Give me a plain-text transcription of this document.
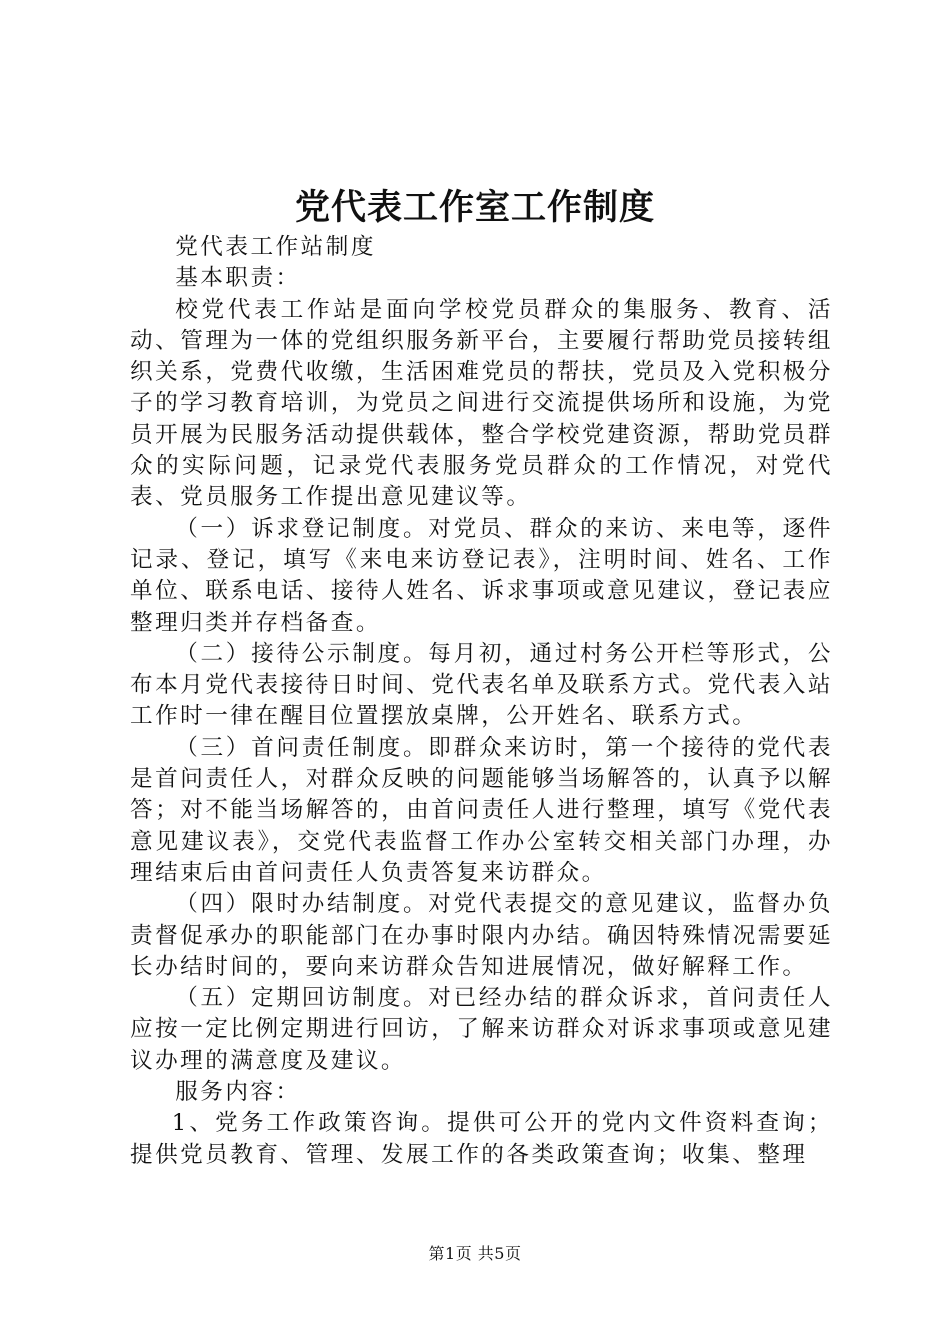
党代表工作室工作制度

党代表工作站制度

基本职责：

校党代表工作站是面向学校党员群众的集服务、教育、活动、管理为一体的党组织服务新平台，主要履行帮助党员接转组织关系，党费代收缴，生活困难党员的帮扶，党员及入党积极分子的学习教育培训，为党员之间进行交流提供场所和设施，为党员开展为民服务活动提供载体，整合学校党建资源，帮助党员群众的实际问题，记录党代表服务党员群众的工作情况，对党代表、党员服务工作提出意见建议等。

（一）诉求登记制度。对党员、群众的来访、来电等，逐件记录、登记，填写《来电来访登记表》，注明时间、姓名、工作单位、联系电话、接待人姓名、诉求事项或意见建议，登记表应整理归类并存档备查。

（二）接待公示制度。每月初，通过村务公开栏等形式，公布本月党代表接待日时间、党代表名单及联系方式。党代表入站工作时一律在醒目位置摆放桌牌，公开姓名、联系方式。

（三）首问责任制度。即群众来访时，第一个接待的党代表是首问责任人，对群众反映的问题能够当场解答的，认真予以解答；对不能当场解答的，由首问责任人进行整理，填写《党代表意见建议表》，交党代表监督工作办公室转交相关部门办理，办理结束后由首问责任人负责答复来访群众。

（四）限时办结制度。对党代表提交的意见建议，监督办负责督促承办的职能部门在办事时限内办结。确因特殊情况需要延长办结时间的，要向来访群众告知进展情况，做好解释工作。

（五）定期回访制度。对已经办结的群众诉求，首问责任人应按一定比例定期进行回访，了解来访群众对诉求事项或意见建议办理的满意度及建议。

服务内容：

1、党务工作政策咨询。提供可公开的党内文件资料查询；提供党员教育、管理、发展工作的各类政策查询；收集、整理

第1页 共5页
